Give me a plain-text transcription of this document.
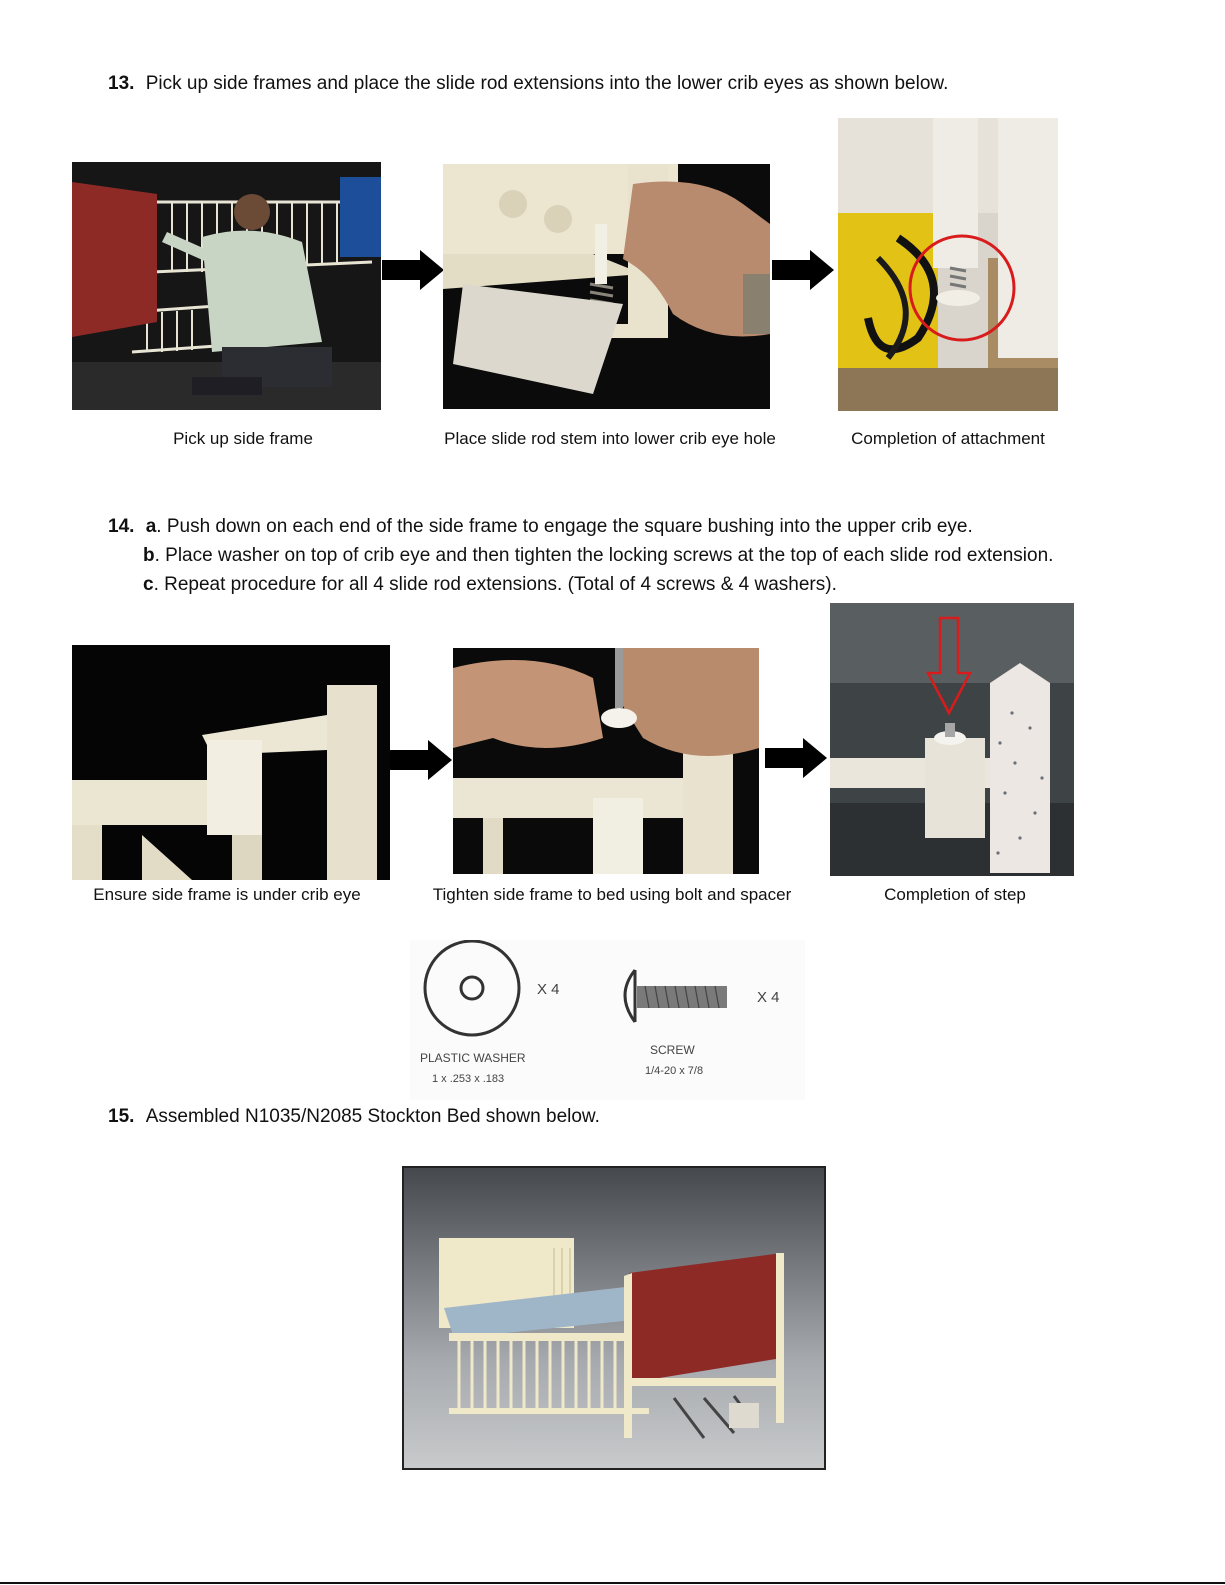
13. Pick up side frames and place the slide rod extensions into the lower crib eyes as shown below.
Pick up side frame	Place slide rod stem into lower crib eye hole	Completion of attachment
14. a. Push down on each end of the side frame to engage the square bushing into the upper crib eye.
b. Place washer on top of crib eye and then tighten the locking screws at the top of each slide rod extension.
c. Repeat procedure for all 4 slide rod extensions. (Total of 4 screws & 4 washers).
Ensure side frame is under crib eye	Tighten side frame to bed using bolt and spacer	Completion of step
X 4
PLASTIC WASHER
1 x .253 x .183
X 4
SCREW
1/4-20 x 7/8
15. Assembled N1035/N2085 Stockton Bed shown below.
